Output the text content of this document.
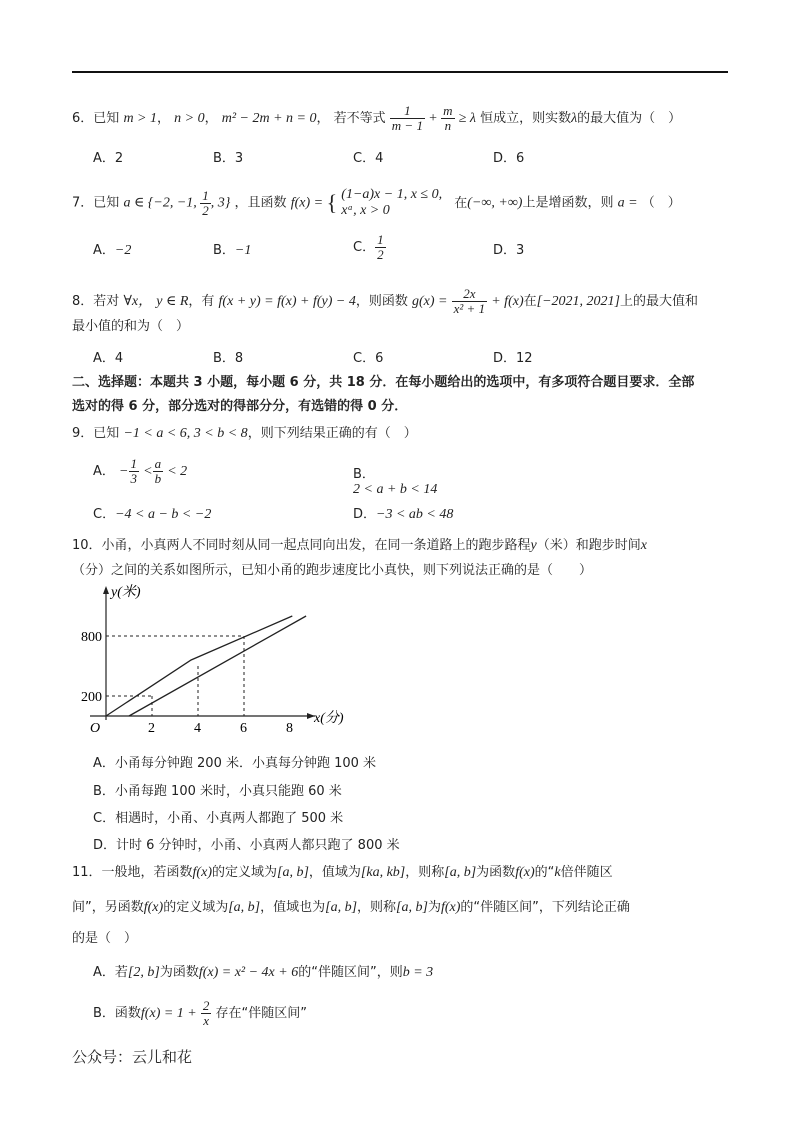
6．已知 m > 1， n > 0， m² − 2m + n = 0， 若不等式 $\frac{1}{m - 1} + \frac{m}{n} \ge \lambda$ 恒成立，则实数λ的最大值为（　）
A．2	B．3	C．4	D．6
7．已知 a ∈ {−2, −1, $\frac{1}{2}$ , 3} ，且函数 f(x) = { (1−a)x − 1, x ≤ 0,
xᵃ, x > 0	在(−∞, +∞)上是增函数，则 a = （　）
A．−2	B．−1	C． $\frac{1}{2}$	D．3
8．若对 ∀x， y ∈ R，有 f(x + y) = f(x) + f(y) − 4，则函数 $g(x) = \frac{2x}{\text{x² + 1}} + f(x)$在[−2021, 2021]上的最大值和
最小值的和为（　）
A．4	B．8	C．6	D．12
二、选择题：本题共 3 小题，每小题 6 分，共 18 分．在每小题给出的选项中，有多项符合题目要求．全部
选对的得 6 分，部分选对的得部分分，有选错的得 0 分．
9．已知 −1 < a < 6, 3 < b < 8，则下列结果正确的有（　）
A． − $\frac{1}{3} < \frac{a}{b} < 2$	B．
2 < a + b < 14
C．−4 < a − b < −2	D．−3 < ab < 48
10．小甬，小真两人不同时刻从同一起点同向出发，在同一条道路上的跑步路程y（米）和跑步时间x
（分）之间的关系如图所示，已知小甬的跑步速度比小真快，则下列说法正确的是（　　）
y(米)
x(分)
O	2	4	6	8
200
800
A．小甬每分钟跑 200 米．小真每分钟跑 100 米
B．小甬每跑 100 米时，小真只能跑 60 米
C．相遇时，小甬、小真两人都跑了 500 米
D．计时 6 分钟时，小甬、小真两人都只跑了 800 米
11．一般地，若函数f(x)的定义域为[a, b]，值域为[ka, kb]，则称[a, b]为函数f(x)的“k倍伴随区
间”，另函数f(x)的定义域为[a, b]，值域也为[a, b]，则称[a, b]为f(x)的“伴随区间”，下列结论正确
的是（　）
A．若[2, b]为函数f(x) = x² − 4x + 6的“伴随区间”，则b = 3
B．函数$f(x) = 1 + \frac{2}{x}$ 存在“伴随区间”
公众号：云儿和花
